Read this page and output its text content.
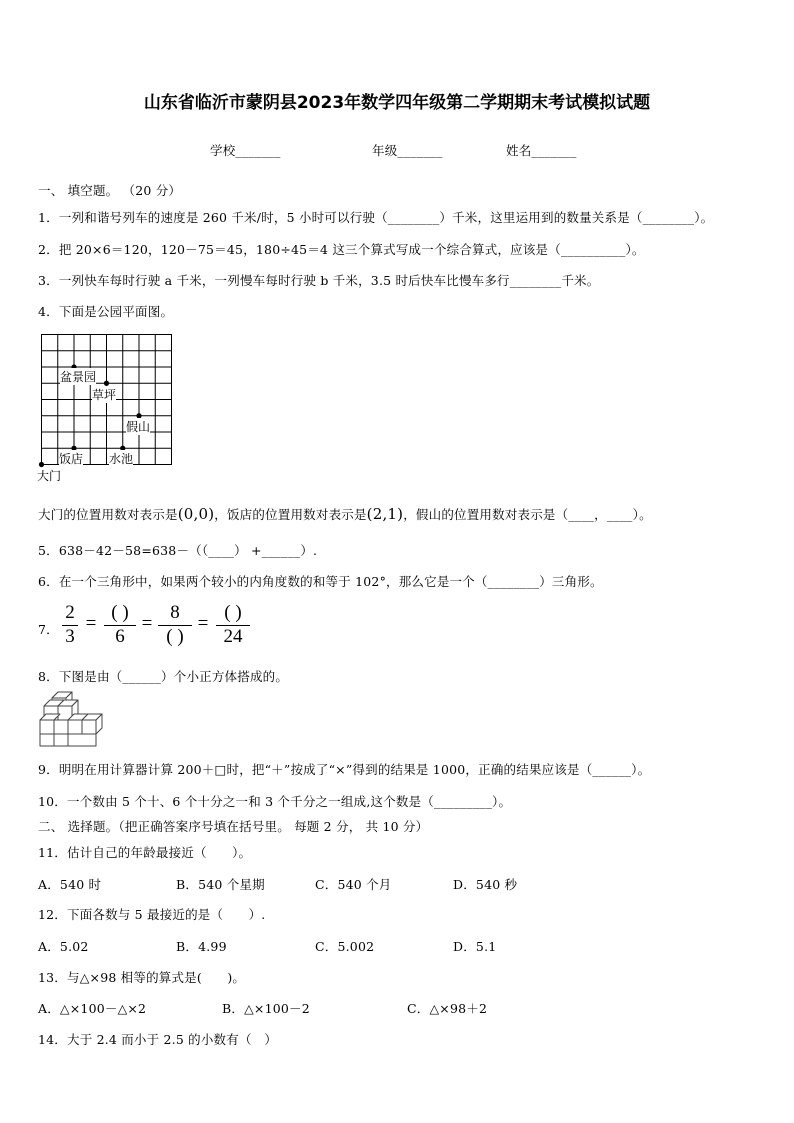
山东省临沂市蒙阴县2023年数学四年级第二学期期末考试模拟试题
学校_______	年级_______	姓名_______
一、 填空题。 （20 分）
1．一列和谐号列车的速度是 260 千米/时，5 小时可以行驶（________）千米，这里运用到的数量关系是（________）。
2．把 20×6＝120，120－75＝45，180÷45＝4 这三个算式写成一个综合算式，应该是（__________）。
3．一列快车每时行驶 a 千米，一列慢车每时行驶 b 千米，3.5 时后快车比慢车多行________千米。
4．下面是公园平面图。
盆景园
草坪
假山
饭店 水池
大门
大门的位置用数对表示是(0,0)，饭店的位置用数对表示是(2,1)，假山的位置用数对表示是（____，____）。
5．638－42－58=638－（（____） +______）.
6．在一个三角形中，如果两个较小的内角度数的和等于 102°，那么它是一个（________）三角形。
7．
2
3
=
( )
6
=
8
( )
=
( )
24
8．下图是由（______）个小正方体搭成的。
9．明明在用计算器计算 200＋□时，把“＋”按成了“×”得到的结果是 1000，正确的结果应该是（______）。
10．一个数由 5 个十、6 个十分之一和 3 个千分之一组成,这个数是（_________）。
二、 选择题。（把正确答案序号填在括号里。 每题 2 分， 共 10 分）
11．估计自己的年龄最接近（　　）。
A．540 时	B．540 个星期	C．540 个月	D．540 秒
12．下面各数与 5 最接近的是（　　）.
A．5.02	B．4.99	C．5.002	D．5.1
13．与△×98 相等的算式是(　　)。
A．△×100－△×2	B．△×100－2	C．△×98＋2
14．大于 2.4 而小于 2.5 的小数有（　）
